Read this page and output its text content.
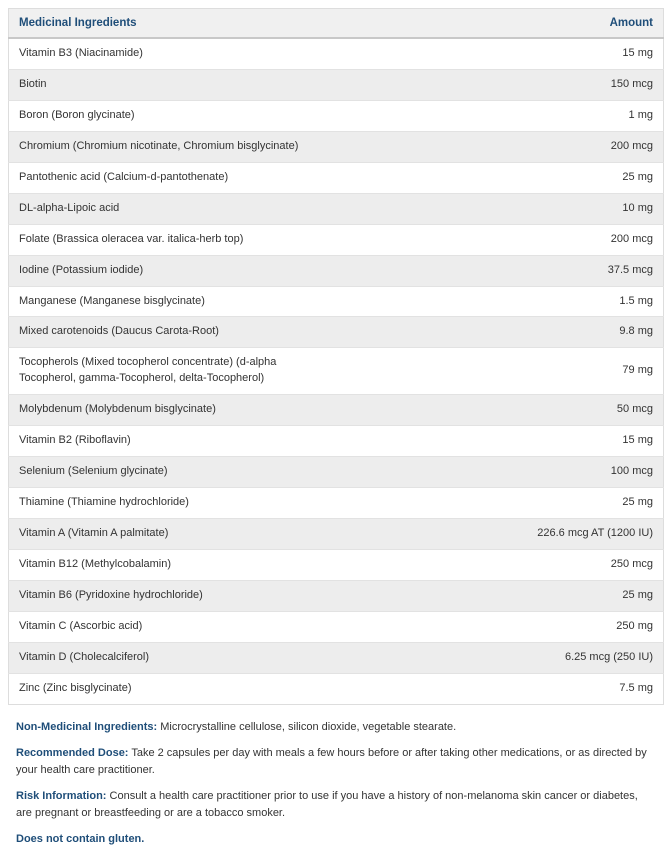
Medicinal Ingredients	Amount
Vitamin B3 (Niacinamide)	15 mg
Biotin	150 mcg
Boron (Boron glycinate)	1 mg
Chromium (Chromium nicotinate, Chromium bisglycinate)	200 mcg
Pantothenic acid (Calcium-d-pantothenate)	25 mg
DL-alpha-Lipoic acid	10 mg
Folate (Brassica oleracea var. italica-herb top)	200 mcg
Iodine (Potassium iodide)	37.5 mcg
Manganese (Manganese bisglycinate)	1.5 mg
Mixed carotenoids (Daucus Carota-Root)	9.8 mg
Tocopherols (Mixed tocopherol concentrate) (d-alpha Tocopherol, gamma-Tocopherol, delta-Tocopherol)	79 mg
Molybdenum (Molybdenum bisglycinate)	50 mcg
Vitamin B2 (Riboflavin)	15 mg
Selenium (Selenium glycinate)	100 mcg
Thiamine (Thiamine hydrochloride)	25 mg
Vitamin A (Vitamin A palmitate)	226.6 mcg AT (1200 IU)
Vitamin B12 (Methylcobalamin)	250 mcg
Vitamin B6 (Pyridoxine hydrochloride)	25 mg
Vitamin C (Ascorbic acid)	250 mg
Vitamin D (Cholecalciferol)	6.25 mcg (250 IU)
Zinc (Zinc bisglycinate)	7.5 mg

Non-Medicinal Ingredients: Microcrystalline cellulose, silicon dioxide, vegetable stearate.

Recommended Dose: Take 2 capsules per day with meals a few hours before or after taking other medications, or as directed by your health care practitioner.

Risk Information: Consult a health care practitioner prior to use if you have a history of non-melanoma skin cancer or diabetes, are pregnant or breastfeeding or are a tobacco smoker.

Does not contain gluten.
